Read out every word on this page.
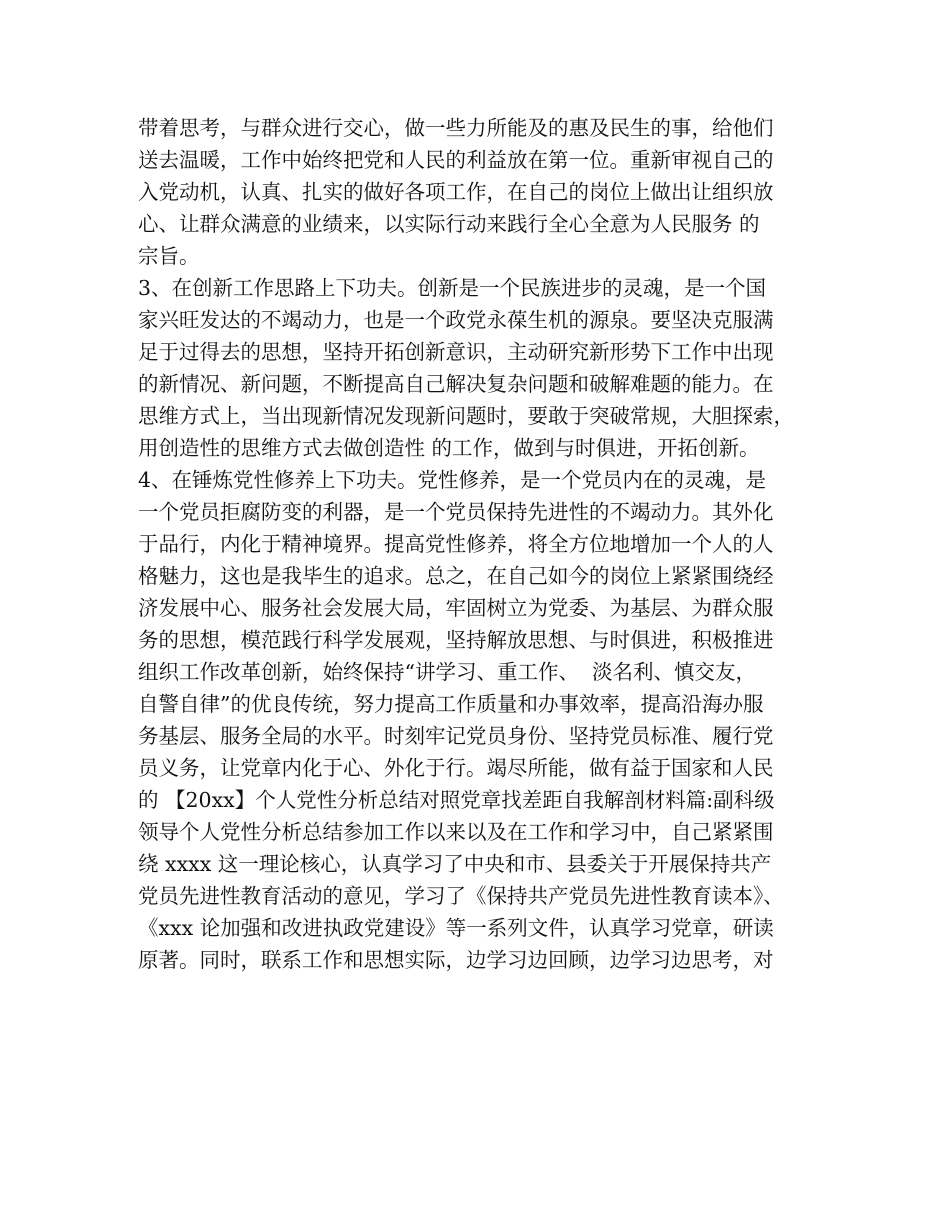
带着思考，与群众进行交心，做一些力所能及的惠及民生的事，给他们
送去温暖，工作中始终把党和人民的利益放在第一位。重新审视自己的
入党动机，认真、扎实的做好各项工作，在自己的岗位上做出让组织放
心、让群众满意的业绩来，以实际行动来践行全心全意为人民服务 的
宗旨。
3、在创新工作思路上下功夫。创新是一个民族进步的灵魂，是一个国
家兴旺发达的不竭动力，也是一个政党永葆生机的源泉。要坚决克服满
足于过得去的思想，坚持开拓创新意识，主动研究新形势下工作中出现
的新情况、新问题，不断提高自己解决复杂问题和破解难题的能力。在
思维方式上，当出现新情况发现新问题时，要敢于突破常规，大胆探索，
用创造性的思维方式去做创造性 的工作，做到与时俱进，开拓创新。
4、在锤炼党性修养上下功夫。党性修养，是一个党员内在的灵魂，是
一个党员拒腐防变的利器，是一个党员保持先进性的不竭动力。其外化
于品行，内化于精神境界。提高党性修养，将全方位地增加一个人的人
格魅力，这也是我毕生的追求。总之，在自己如今的岗位上紧紧围绕经
济发展中心、服务社会发展大局，牢固树立为党委、为基层、为群众服
务的思想，模范践行科学发展观，坚持解放思想、与时俱进，积极推进
组织工作改革创新，始终保持“讲学习、重工作、  淡名利、慎交友，
自警自律”的优良传统，努力提高工作质量和办事效率，提高沿海办服
务基层、服务全局的水平。时刻牢记党员身份、坚持党员标准、履行党
员义务，让党章内化于心、外化于行。竭尽所能，做有益于国家和人民
的 【20xx】个人党性分析总结对照党章找差距自我解剖材料篇:副科级
领导个人党性分析总结参加工作以来以及在工作和学习中，自己紧紧围
绕 xxxx 这一理论核心，认真学习了中央和市、县委关于开展保持共产
党员先进性教育活动的意见，学习了《保持共产党员先进性教育读本》、
《xxx 论加强和改进执政党建设》等一系列文件，认真学习党章，研读
原著。同时，联系工作和思想实际，边学习边回顾，边学习边思考，对
